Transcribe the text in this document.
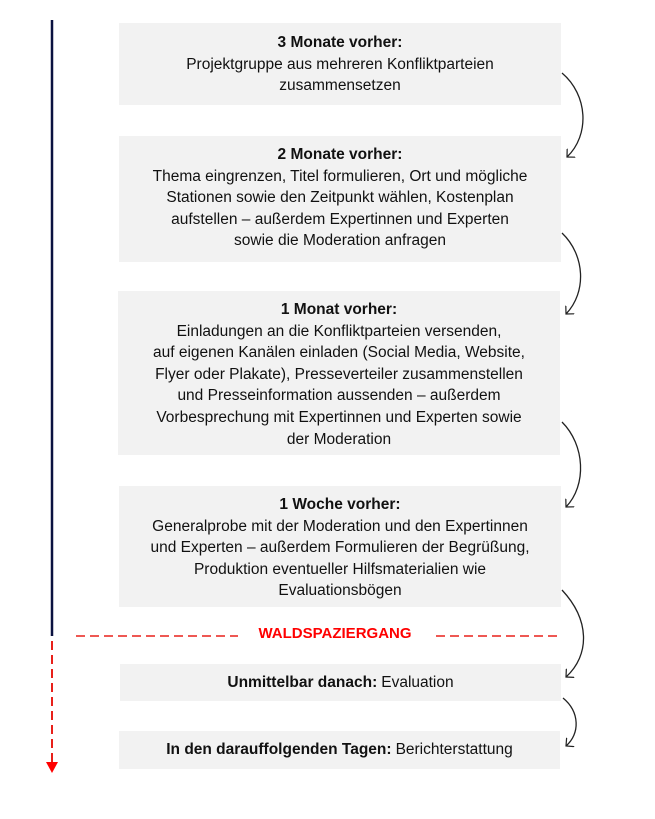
3 Monate vorher:
Projektgruppe aus mehreren Konfliktparteien
zusammensetzen
2 Monate vorher:
Thema eingrenzen, Titel formulieren, Ort und mögliche
Stationen sowie den Zeitpunkt wählen, Kostenplan
aufstellen – außerdem Expertinnen und Experten
sowie die Moderation anfragen
1 Monat vorher:
Einladungen an die Konfliktparteien versenden,
auf eigenen Kanälen einladen (Social Media, Website,
Flyer oder Plakate), Presseverteiler zusammenstellen
und Presseinformation aussenden – außerdem
Vorbesprechung mit Expertinnen und Experten sowie
der Moderation
1 Woche vorher:
Generalprobe mit der Moderation und den Expertinnen
und Experten – außerdem Formulieren der Begrüßung,
Produktion eventueller Hilfsmaterialien wie
Evaluationsbögen
WALDSPAZIERGANG
Unmittelbar danach: Evaluation
In den darauffolgenden Tagen: Berichterstattung
